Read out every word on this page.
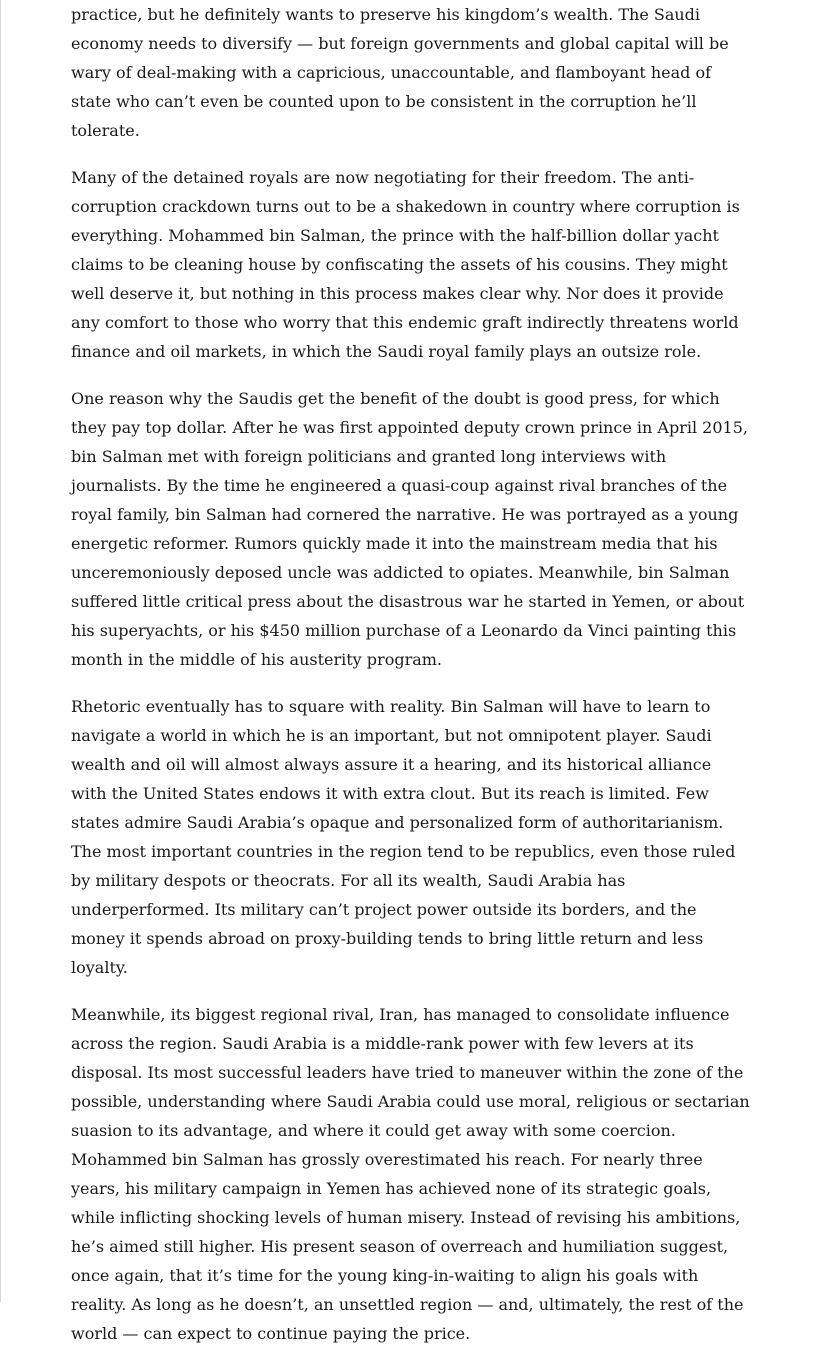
practice, but he definitely wants to preserve his kingdom’s wealth. The Saudi economy needs to diversify — but foreign governments and global capital will be wary of deal-making with a capricious, unaccountable, and flamboyant head of state who can’t even be counted upon to be consistent in the corruption he’ll tolerate.

Many of the detained royals are now negotiating for their freedom. The anti-corruption crackdown turns out to be a shakedown in country where corruption is everything. Mohammed bin Salman, the prince with the half-billion dollar yacht claims to be cleaning house by confiscating the assets of his cousins. They might well deserve it, but nothing in this process makes clear why. Nor does it provide any comfort to those who worry that this endemic graft indirectly threatens world finance and oil markets, in which the Saudi royal family plays an outsize role.

One reason why the Saudis get the benefit of the doubt is good press, for which they pay top dollar. After he was first appointed deputy crown prince in April 2015, bin Salman met with foreign politicians and granted long interviews with journalists. By the time he engineered a quasi-coup against rival branches of the royal family, bin Salman had cornered the narrative. He was portrayed as a young energetic reformer. Rumors quickly made it into the mainstream media that his unceremoniously deposed uncle was addicted to opiates. Meanwhile, bin Salman suffered little critical press about the disastrous war he started in Yemen, or about his superyachts, or his $450 million purchase of a Leonardo da Vinci painting this month in the middle of his austerity program.

Rhetoric eventually has to square with reality. Bin Salman will have to learn to navigate a world in which he is an important, but not omnipotent player. Saudi wealth and oil will almost always assure it a hearing, and its historical alliance with the United States endows it with extra clout. But its reach is limited. Few states admire Saudi Arabia’s opaque and personalized form of authoritarianism. The most important countries in the region tend to be republics, even those ruled by military despots or theocrats. For all its wealth, Saudi Arabia has underperformed. Its military can’t project power outside its borders, and the money it spends abroad on proxy-building tends to bring little return and less loyalty.

Meanwhile, its biggest regional rival, Iran, has managed to consolidate influence across the region. Saudi Arabia is a middle-rank power with few levers at its disposal. Its most successful leaders have tried to maneuver within the zone of the possible, understanding where Saudi Arabia could use moral, religious or sectarian suasion to its advantage, and where it could get away with some coercion. Mohammed bin Salman has grossly overestimated his reach. For nearly three years, his military campaign in Yemen has achieved none of its strategic goals, while inflicting shocking levels of human misery. Instead of revising his ambitions, he’s aimed still higher. His present season of overreach and humiliation suggest, once again, that it’s time for the young king-in-waiting to align his goals with reality. As long as he doesn’t, an unsettled region — and, ultimately, the rest of the world — can expect to continue paying the price.
